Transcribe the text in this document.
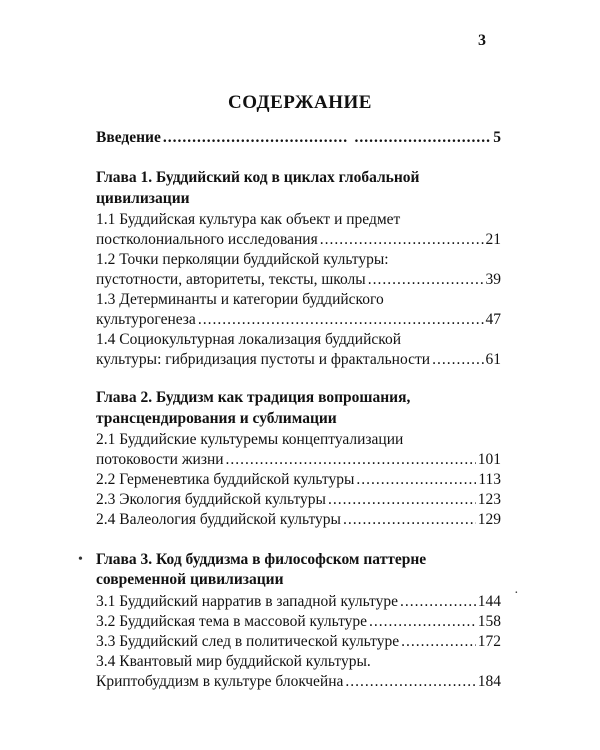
3
СОДЕРЖАНИЕ
Введение ..... .....	5
Глава 1. Буддийский код в циклах глобальной
цивилизации
1.1 Буддийская культура как объект и предмет
постколониального исследования .....	21
1.2 Точки перколяции буддийской культуры:
пустотности, авторитеты, тексты, школы .....	39
1.3 Детерминанты и категории буддийского
культурогенеза .....	47
1.4 Социокультурная локализация буддийской
культуры: гибридизация пустоты и фрактальности .....	61
Глава 2. Буддизм как традиция вопрошания,
трансцендирования и сублимации
2.1 Буддийские культуремы концептуализации
потоковости жизни .....	101
2.2 Герменевтика буддийской культуры .....	113
2.3 Экология буддийской культуры .....	123
2.4 Валеология буддийской культуры .....	129
• Глава 3. Код буддизма в философском паттерне
современной цивилизации
3.1 Буддийский нарратив в западной культуре .....	144 ·
3.2 Буддийская тема в массовой культуре .....	158
3.3 Буддийский след в политической культуре .....	172
3.4 Квантовый мир буддийской культуры.
Криптобуддизм в культуре блокчейна .....	184
